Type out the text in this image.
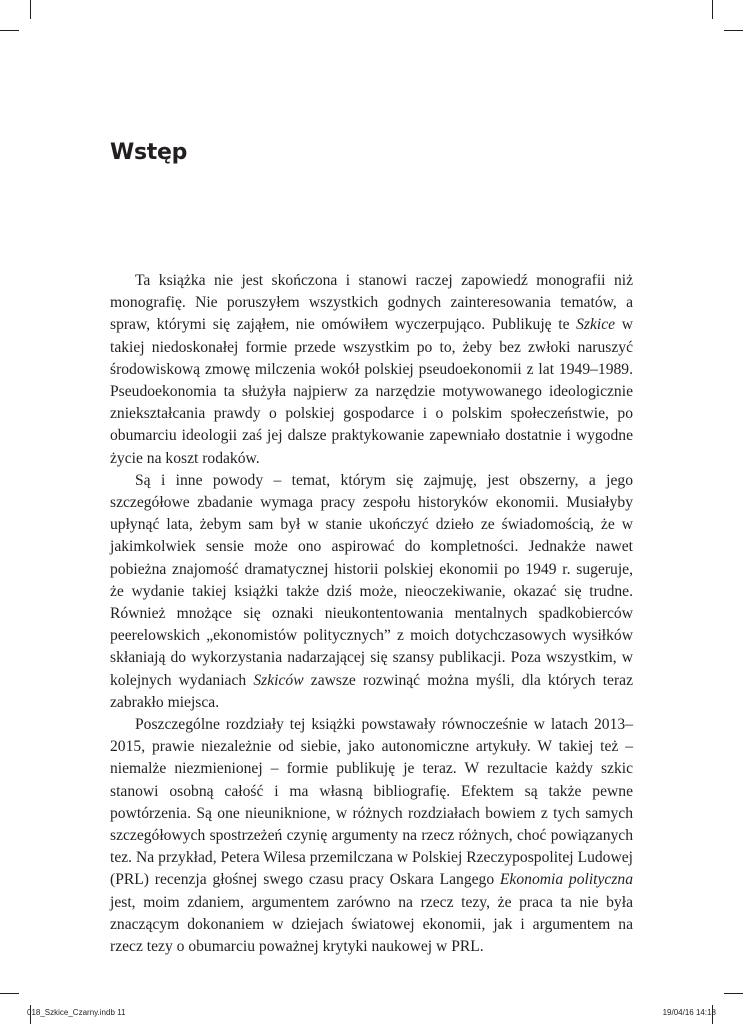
Wstęp

Ta książka nie jest skończona i stanowi raczej zapowiedź monografii niż monografię. Nie poruszyłem wszystkich godnych zainteresowania tematów, a spraw, którymi się zająłem, nie omówiłem wyczerpująco. Publikuję te Szkice w takiej niedoskonałej formie przede wszystkim po to, żeby bez zwłoki naruszyć środowiskową zmowę milczenia wokół polskiej pseudoekonomii z lat 1949–1989. Pseudoekonomia ta służyła najpierw za narzędzie motywowanego ideologicznie zniekształcania prawdy o polskiej gospodarce i o polskim społeczeństwie, po obumarciu ideologii zaś jej dalsze praktykowanie zapewniało dostatnie i wygodne życie na koszt rodaków.

Są i inne powody – temat, którym się zajmuję, jest obszerny, a jego szczegółowe zbadanie wymaga pracy zespołu historyków ekonomii. Musiałyby upłynąć lata, żebym sam był w stanie ukończyć dzieło ze świadomością, że w jakimkolwiek sensie może ono aspirować do kompletności. Jednakże nawet pobieżna znajomość dramatycznej historii polskiej ekonomii po 1949 r. sugeruje, że wydanie takiej książki także dziś może, nieoczekiwanie, okazać się trudne. Również mnożące się oznaki nieukontentowania mentalnych spadkobierców peerelowskich „ekonomistów politycznych” z moich dotychczasowych wysiłków skłaniają do wykorzystania nadarzającej się szansy publikacji. Poza wszystkim, w kolejnych wydaniach Szkiców zawsze rozwinąć można myśli, dla których teraz zabrakło miejsca.

Poszczególne rozdziały tej książki powstawały równocześnie w latach 2013–2015, prawie niezależnie od siebie, jako autonomiczne artykuły. W takiej też – niemalże niezmienionej – formie publikuję je teraz. W rezultacie każdy szkic stanowi osobną całość i ma własną bibliografię. Efektem są także pewne powtórzenia. Są one nieuniknione, w różnych rozdziałach bowiem z tych samych szczegółowych spostrzeżeń czynię argumenty na rzecz różnych, choć powiązanych tez. Na przykład, Petera Wilesa przemilczana w Polskiej Rzeczypospolitej Ludowej (PRL) recenzja głośnej swego czasu pracy Oskara Langego Ekonomia polityczna jest, moim zdaniem, argumentem zarówno na rzecz tezy, że praca ta nie była znaczącym dokonaniem w dziejach światowej ekonomii, jak i argumentem na rzecz tezy o obumarciu poważnej krytyki naukowej w PRL.

018_Szkice_Czarny.indb 11	19/04/16 14:18
